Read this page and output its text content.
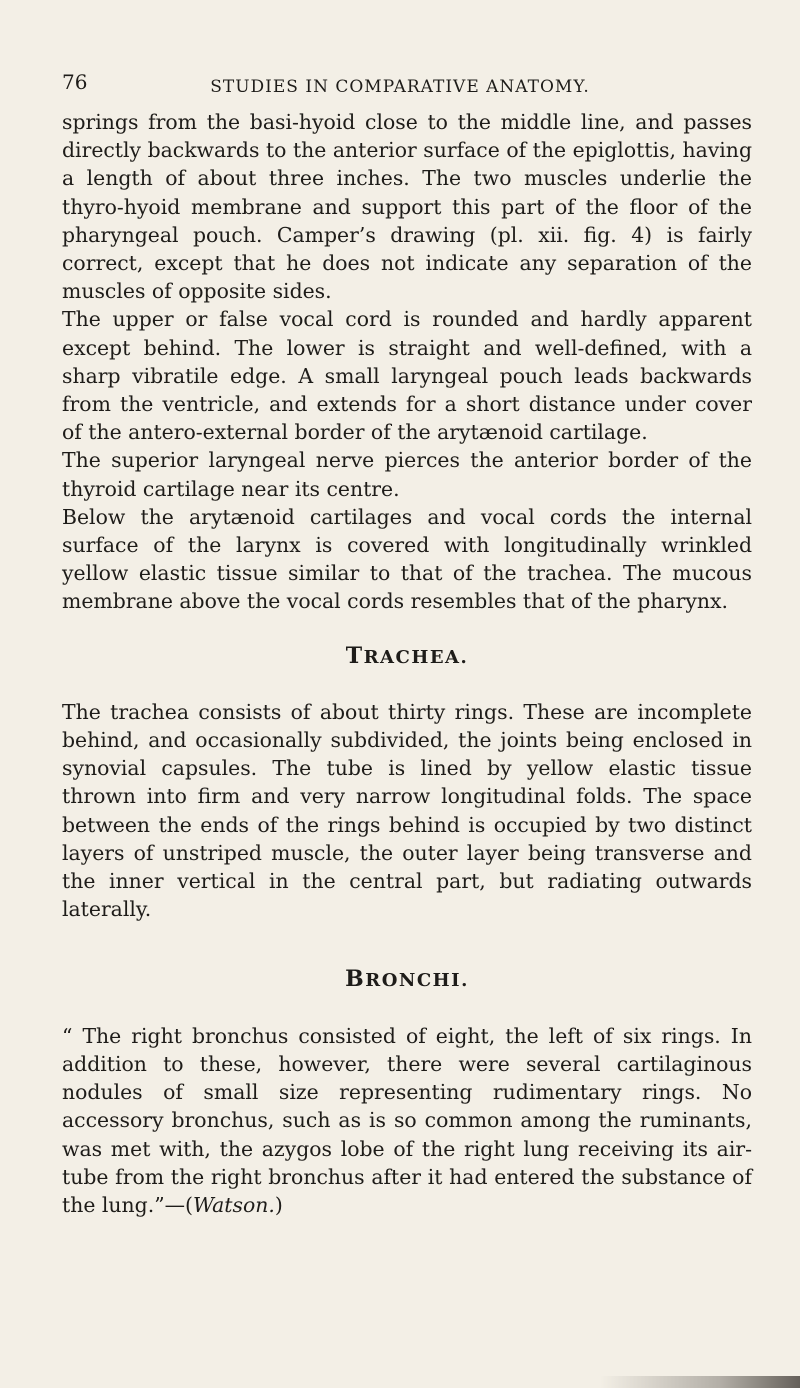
76	STUDIES IN COMPARATIVE ANATOMY.

springs from the basi-hyoid close to the middle line, and passes directly backwards to the anterior surface of the epiglottis, having a length of about three inches. The two muscles underlie the thyro-hyoid membrane and support this part of the floor of the pharyngeal pouch. Camper’s drawing (pl. xii. fig. 4) is fairly correct, except that he does not indicate any separation of the muscles of opposite sides.

The upper or false vocal cord is rounded and hardly apparent except behind. The lower is straight and well-defined, with a sharp vibratile edge. A small laryngeal pouch leads backwards from the ventricle, and extends for a short distance under cover of the antero-external border of the arytænoid cartilage.

The superior laryngeal nerve pierces the anterior border of the thyroid cartilage near its centre.

Below the arytænoid cartilages and vocal cords the internal surface of the larynx is covered with longitudinally wrinkled yellow elastic tissue similar to that of the trachea. The mucous membrane above the vocal cords resembles that of the pharynx.

TRACHEA.

The trachea consists of about thirty rings. These are incomplete behind, and occasionally subdivided, the joints being enclosed in synovial capsules. The tube is lined by yellow elastic tissue thrown into firm and very narrow longitudinal folds. The space between the ends of the rings behind is occupied by two distinct layers of unstriped muscle, the outer layer being transverse and the inner vertical in the central part, but radiating outwards laterally.

BRONCHI.

“ The right bronchus consisted of eight, the left of six rings. In addition to these, however, there were several cartilaginous nodules of small size representing rudimentary rings. No accessory bronchus, such as is so common among the ruminants, was met with, the azygos lobe of the right lung receiving its air-tube from the right bronchus after it had entered the substance of the lung.”—(Watson.)
